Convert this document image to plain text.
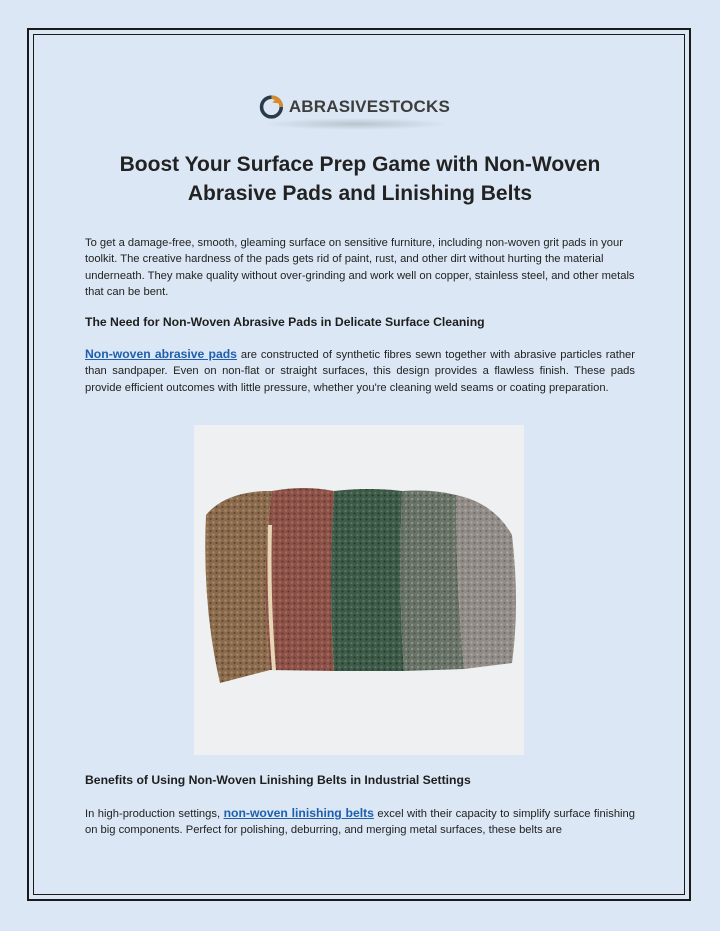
ABRASIVESTOCKS
Boost Your Surface Prep Game with Non-Woven
Abrasive Pads and Linishing Belts
To get a damage-free, smooth, gleaming surface on sensitive furniture, including non-woven grit pads in your toolkit. The creative hardness of the pads gets rid of paint, rust, and other dirt without hurting the material underneath. They make quality without over-grinding and work well on copper, stainless steel, and other metals that can be bent.
The Need for Non-Woven Abrasive Pads in Delicate Surface Cleaning
Non-woven abrasive pads are constructed of synthetic fibres sewn together with abrasive particles rather than sandpaper. Even on non-flat or straight surfaces, this design provides a flawless finish. These pads provide efficient outcomes with little pressure, whether you're cleaning weld seams or coating preparation.
Benefits of Using Non-Woven Linishing Belts in Industrial Settings
In high-production settings, non-woven linishing belts excel with their capacity to simplify surface finishing on big components. Perfect for polishing, deburring, and merging metal surfaces, these belts are
